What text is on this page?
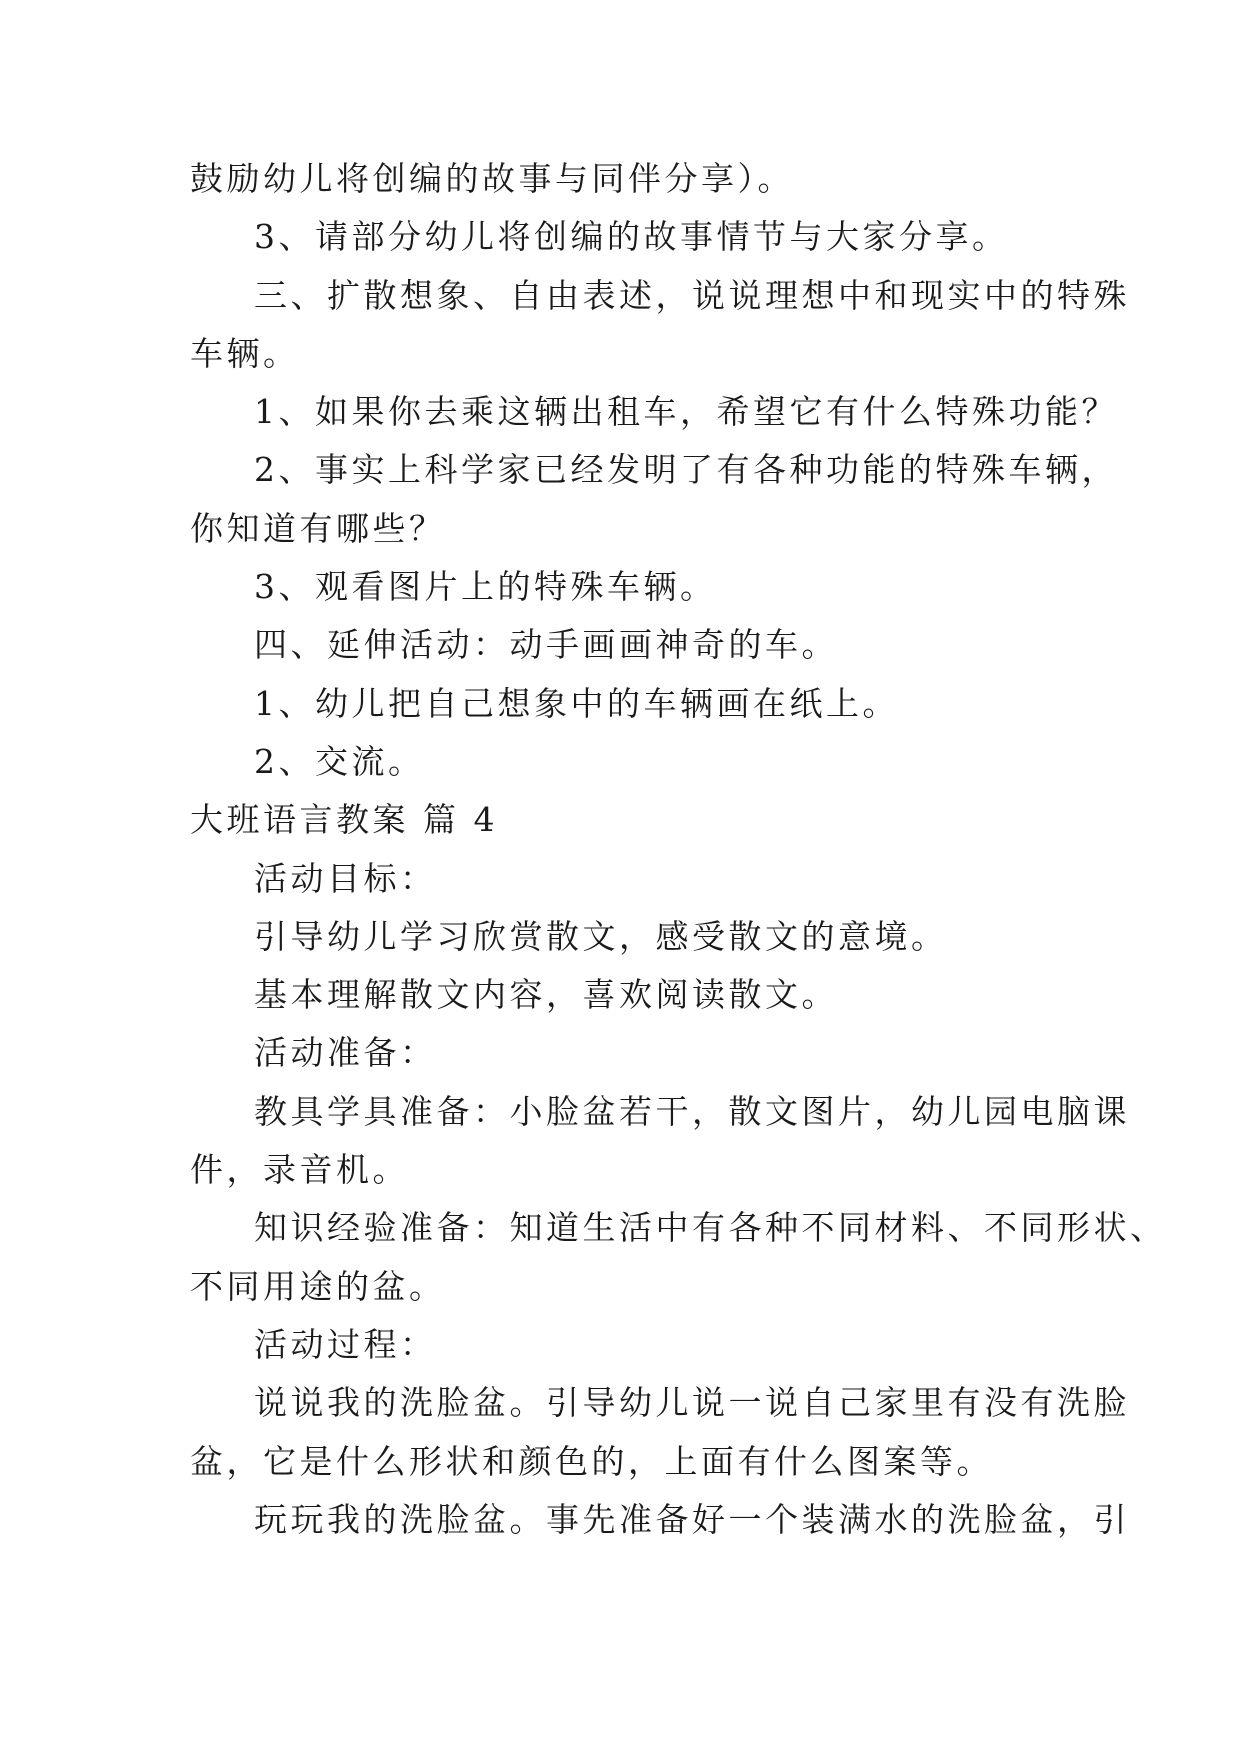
鼓励幼儿将创编的故事与同伴分享）。
3、请部分幼儿将创编的故事情节与大家分享。
三、扩散想象、自由表述，说说理想中和现实中的特殊
车辆。
1、如果你去乘这辆出租车，希望它有什么特殊功能？
2、事实上科学家已经发明了有各种功能的特殊车辆，
你知道有哪些？
3、观看图片上的特殊车辆。
四、延伸活动：动手画画神奇的车。
1、幼儿把自己想象中的车辆画在纸上。
2、交流。
大班语言教案 篇 4
活动目标：
引导幼儿学习欣赏散文，感受散文的意境。
基本理解散文内容，喜欢阅读散文。
活动准备：
教具学具准备：小脸盆若干，散文图片，幼儿园电脑课
件，录音机。
知识经验准备：知道生活中有各种不同材料、不同形状、
不同用途的盆。
活动过程：
说说我的洗脸盆。引导幼儿说一说自己家里有没有洗脸
盆，它是什么形状和颜色的，上面有什么图案等。
玩玩我的洗脸盆。事先准备好一个装满水的洗脸盆，引
